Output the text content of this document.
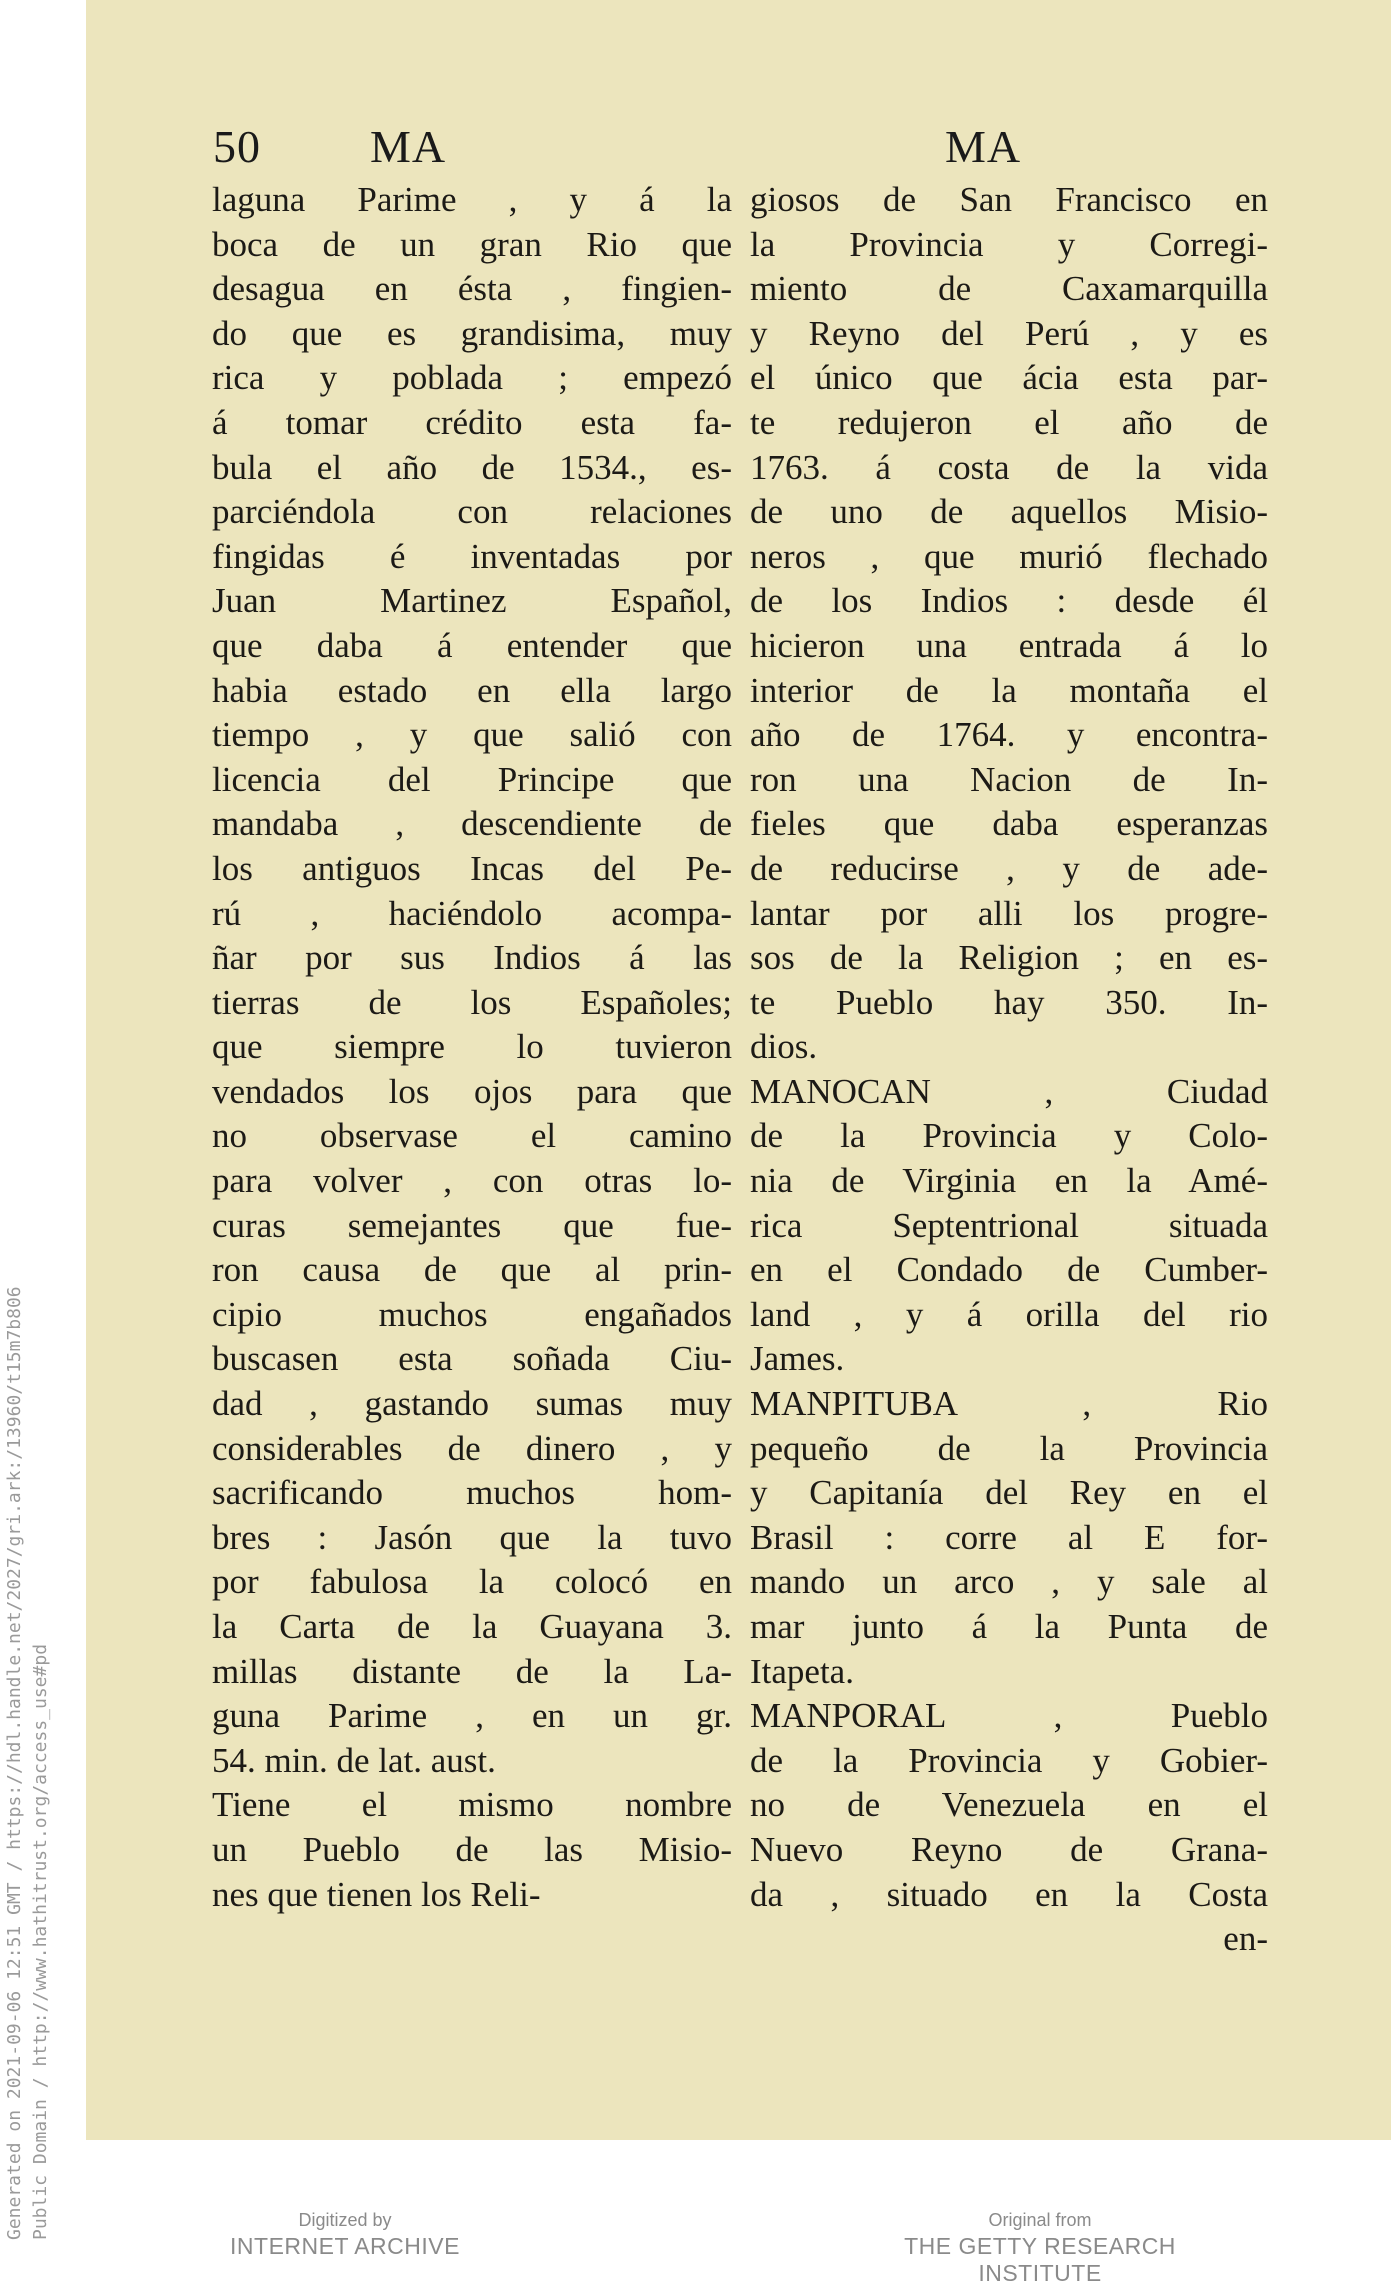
Generated on 2021-09-06 12:51 GMT / https://hdl.handle.net/2027/gri.ark:/13960/t15m7b806 Public Domain / http://www.hathitrust.org/access_use#pd
50 MA	MA
laguna Parime , y á la
boca de un gran Rio que
desagua en ésta , fingien-
do que es grandisima, muy
rica y poblada ; empezó
á tomar crédito esta fa-
bula el año de 1534., es-
parciéndola con relaciones
fingidas é inventadas por
Juan Martinez Español,
que daba á entender que
habia estado en ella largo
tiempo , y que salió con
licencia del Principe que
mandaba , descendiente de
los antiguos Incas del Pe-
rú , haciéndolo acompa-
ñar por sus Indios á las
tierras de los Españoles;
que siempre lo tuvieron
vendados los ojos para que
no observase el camino
para volver , con otras lo-
curas semejantes que fue-
ron causa de que al prin-
cipio muchos engañados
buscasen esta soñada Ciu-
dad , gastando sumas muy
considerables de dinero , y
sacrificando muchos hom-
bres : Jasón que la tuvo
por fabulosa la colocó en
la Carta de la Guayana 3.
millas distante de la La-
guna Parime , en un gr.
54. min. de lat. aust.
Tiene el mismo nombre
un Pueblo de las Misio-
nes que tienen los Reli-
giosos de San Francisco en
la Provincia y Corregi-
miento de Caxamarquilla
y Reyno del Perú , y es
el único que ácia esta par-
te redujeron el año de
1763. á costa de la vida
de uno de aquellos Misio-
neros , que murió flechado
de los Indios : desde él
hicieron una entrada á lo
interior de la montaña el
año de 1764. y encontra-
ron una Nacion de In-
fieles que daba esperanzas
de reducirse , y de ade-
lantar por alli los progre-
sos de la Religion ; en es-
te Pueblo hay 350. In-
dios.
MANOCAN , Ciudad
de la Provincia y Colo-
nia de Virginia en la Amé-
rica Septentrional situada
en el Condado de Cumber-
land , y á orilla del rio
James.
MANPITUBA , Rio
pequeño de la Provincia
y Capitanía del Rey en el
Brasil : corre al E for-
mando un arco , y sale al
mar junto á la Punta de
Itapeta.
MANPORAL , Pueblo
de la Provincia y Gobier-
no de Venezuela en el
Nuevo Reyno de Grana-
da , situado en la Costa
en-
Digitized by
INTERNET ARCHIVE
Original from
THE GETTY RESEARCH INSTITUTE
